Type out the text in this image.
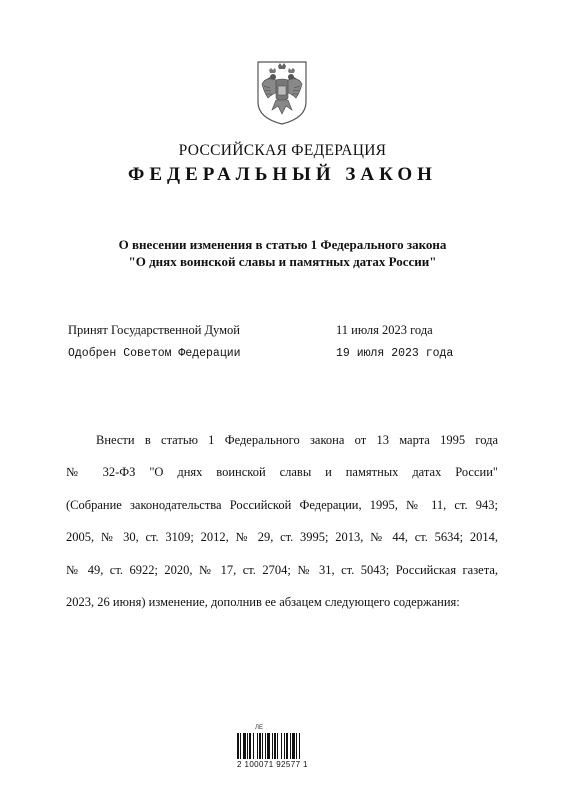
РОССИЙСКАЯ ФЕДЕРАЦИЯ
ФЕДЕРАЛЬНЫЙ ЗАКОН
О внесении изменения в статью 1 Федерального закона
"О днях воинской славы и памятных датах России"
Принят Государственной Думой	11 июля 2023 года
Одобрен Советом Федерации	19 июля 2023 года
Внести в статью 1 Федерального закона от 13 марта 1995 года
№ 32-ФЗ "О днях воинской славы и памятных датах России"
(Собрание законодательства Российской Федерации, 1995, № 11, ст. 943;
2005, № 30, ст. 3109; 2012, № 29, ст. 3995; 2013, № 44, ст. 5634; 2014,
№ 49, ст. 6922; 2020, № 17, ст. 2704; № 31, ст. 5043; Российская газета,
2023, 26 июня) изменение, дополнив ее абзацем следующего содержания:
ЛЕ
2 100071 92577 1
